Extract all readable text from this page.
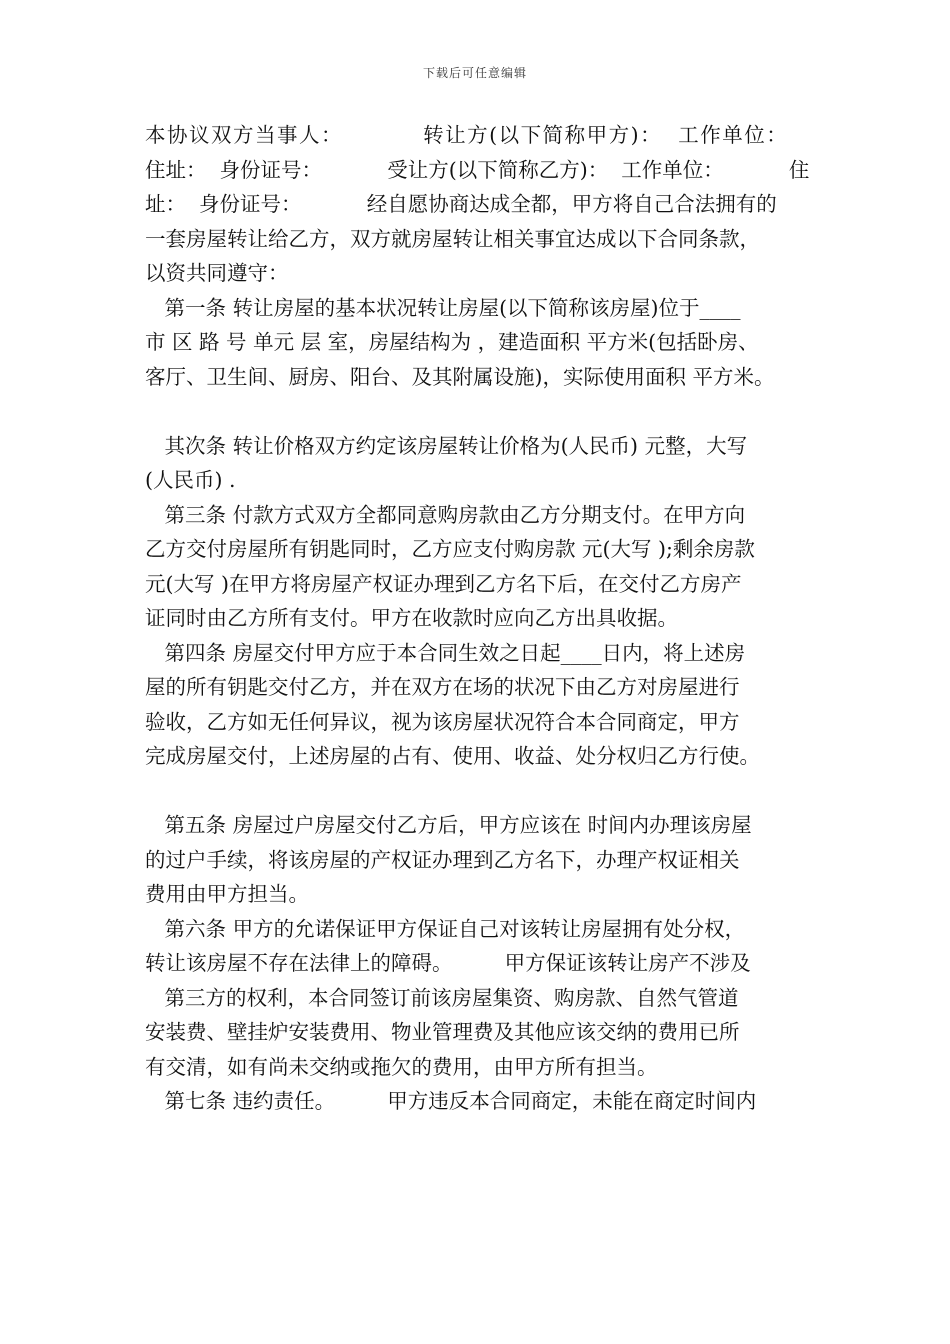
下载后可任意编辑
本协议双方当事人：          转让方(以下简称甲方)：  工作单位：
住址：  身份证号：          受让方(以下简称乙方)：  工作单位：          住
址：  身份证号：          经自愿协商达成全都，甲方将自己合法拥有的
一套房屋转让给乙方，双方就房屋转让相关事宜达成以下合同条款，
以资共同遵守：
第一条 转让房屋的基本状况转让房屋(以下简称该房屋)位于____
市 区 路 号 单元 层 室，房屋结构为 ，建造面积 平方米(包括卧房、
客厅、卫生间、厨房、阳台、及其附属设施)，实际使用面积 平方米。
其次条 转让价格双方约定该房屋转让价格为(人民币) 元整，大写
(人民币) .
第三条 付款方式双方全都同意购房款由乙方分期支付。在甲方向
乙方交付房屋所有钥匙同时，乙方应支付购房款 元(大写 );剩余房款
元(大写 )在甲方将房屋产权证办理到乙方名下后，在交付乙方房产
证同时由乙方所有支付。甲方在收款时应向乙方出具收据。
第四条 房屋交付甲方应于本合同生效之日起____日内，将上述房
屋的所有钥匙交付乙方，并在双方在场的状况下由乙方对房屋进行
验收，乙方如无任何异议，视为该房屋状况符合本合同商定，甲方
完成房屋交付，上述房屋的占有、使用、收益、处分权归乙方行使。
第五条 房屋过户房屋交付乙方后，甲方应该在 时间内办理该房屋
的过户手续，将该房屋的产权证办理到乙方名下，办理产权证相关
费用由甲方担当。
第六条 甲方的允诺保证甲方保证自己对该转让房屋拥有处分权，
转让该房屋不存在法律上的障碍。        甲方保证该转让房产不涉及
第三方的权利，本合同签订前该房屋集资、购房款、自然气管道
安装费、壁挂炉安装费用、物业管理费及其他应该交纳的费用已所
有交清，如有尚未交纳或拖欠的费用，由甲方所有担当。
第七条 违约责任。        甲方违反本合同商定，未能在商定时间内
